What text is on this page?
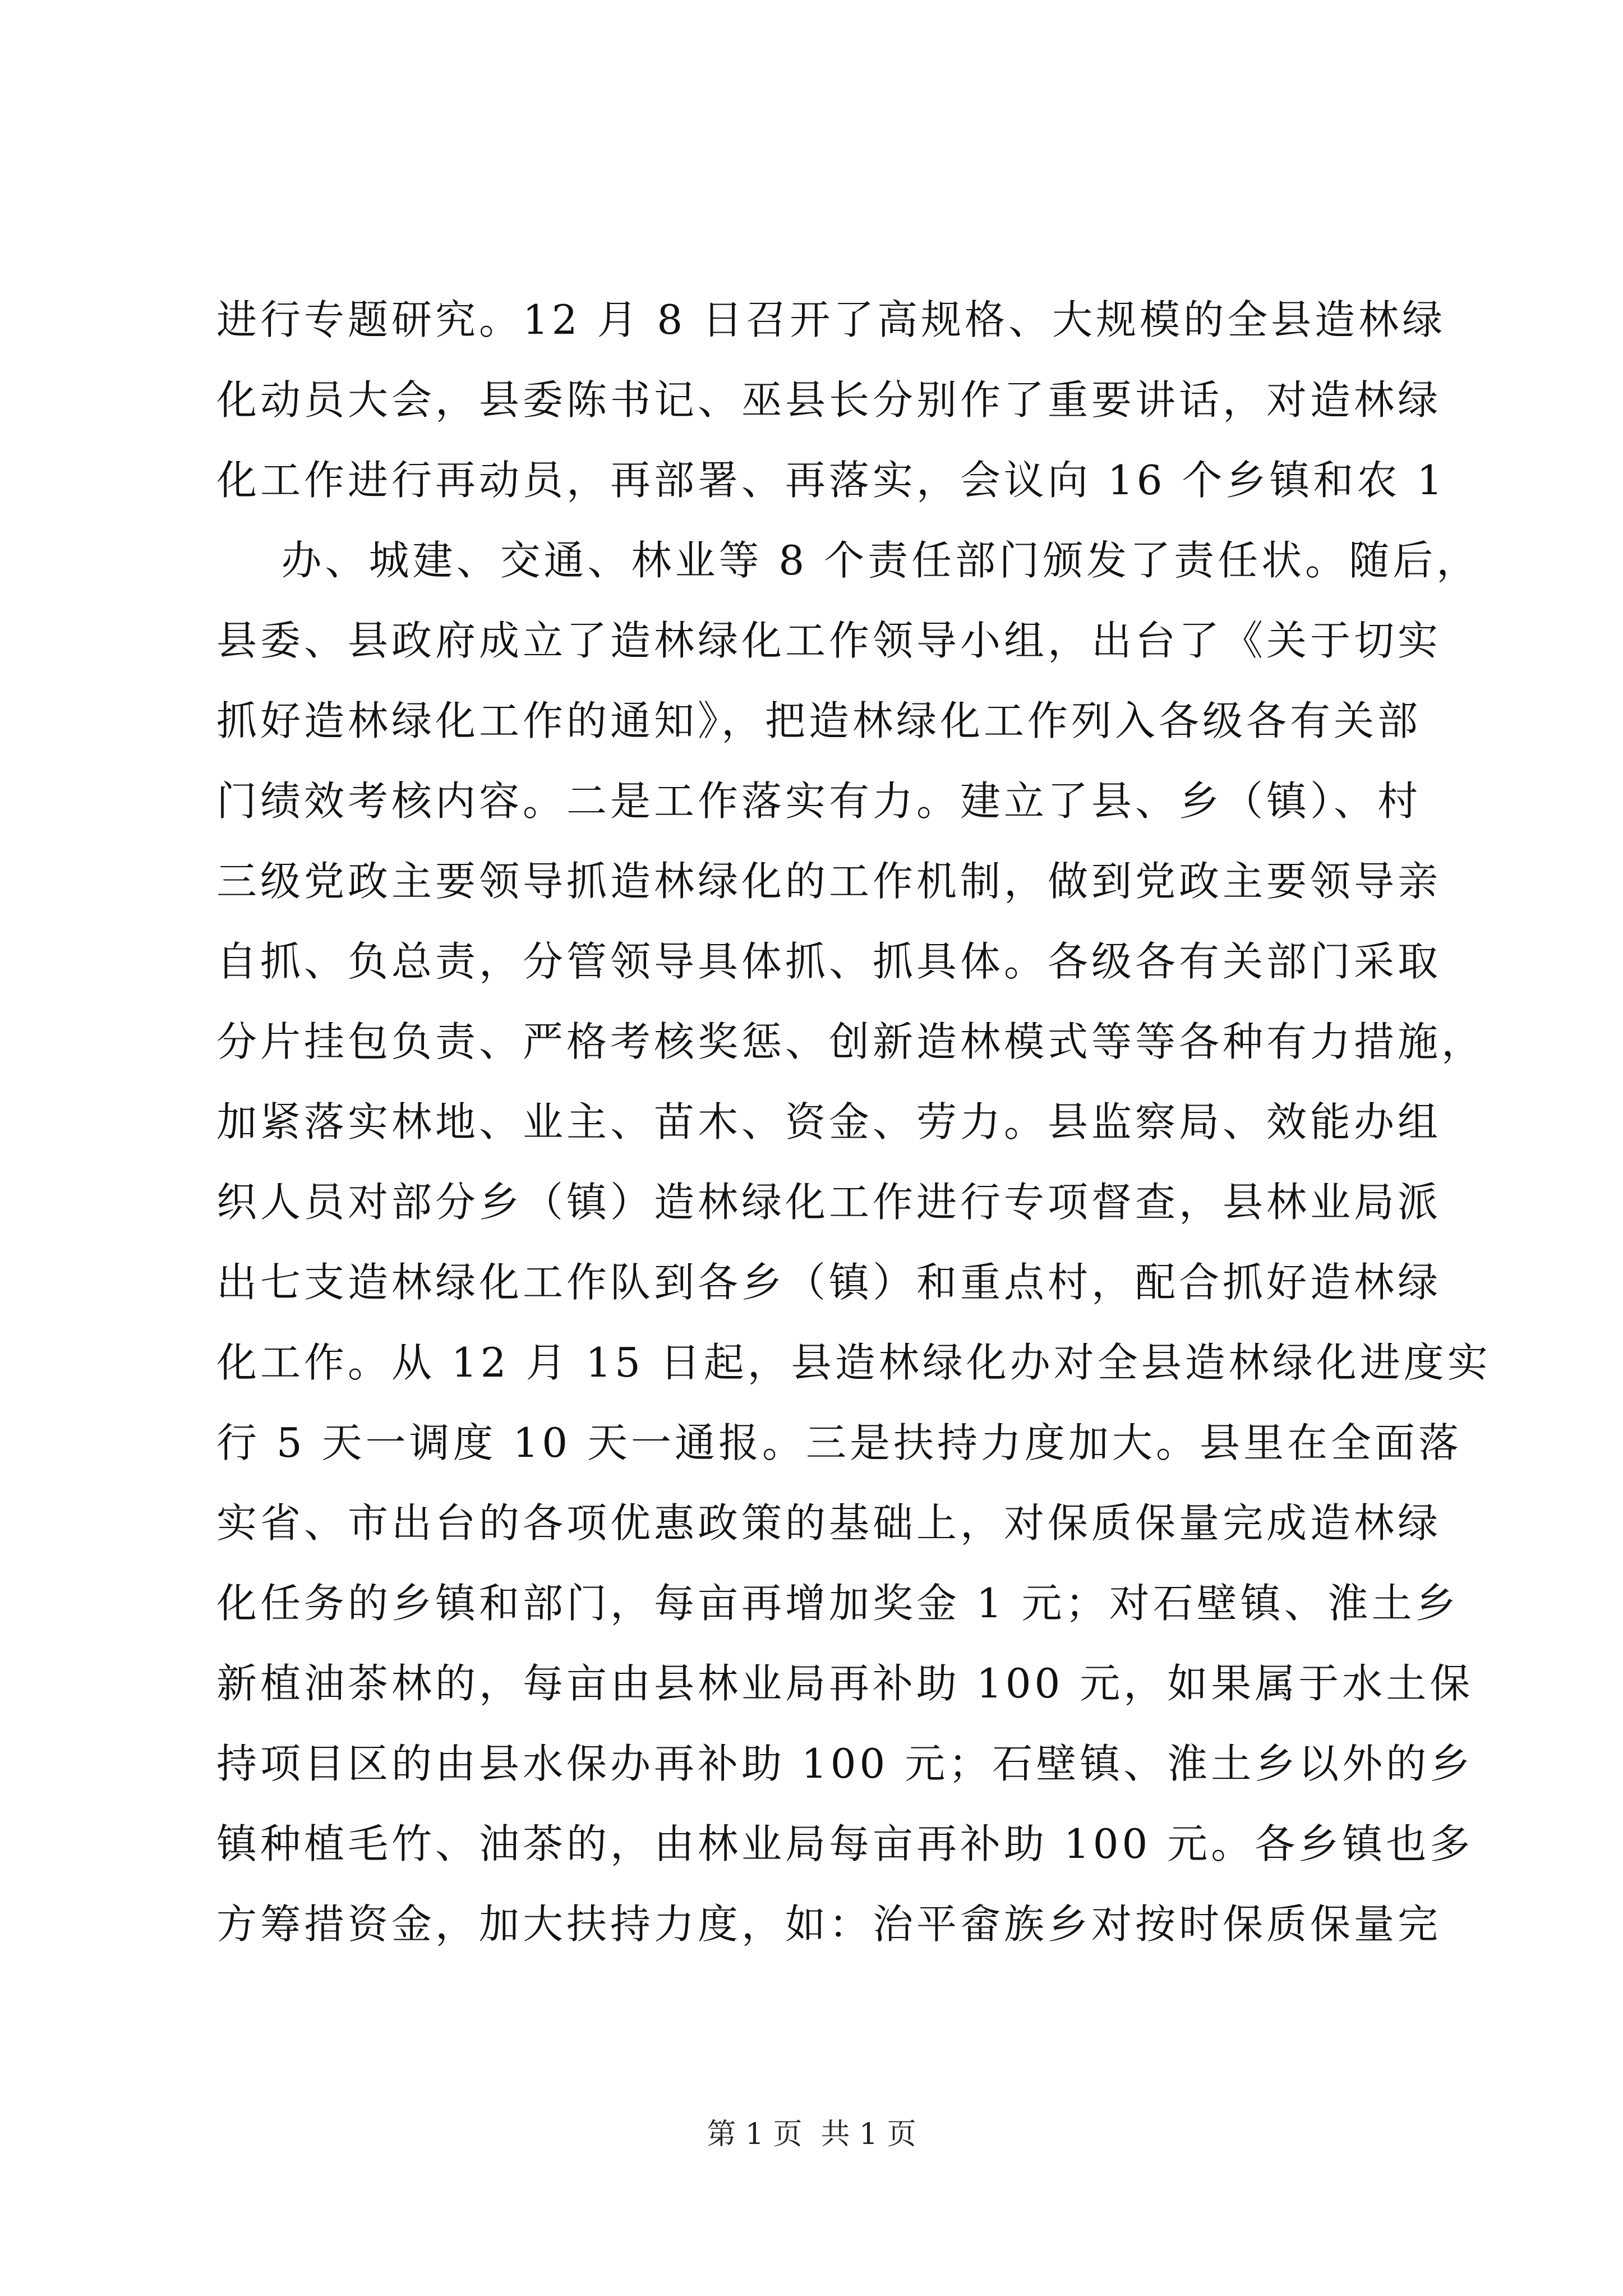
进行专题研究。12 月 8 日召开了高规格、大规模的全县造林绿
化动员大会，县委陈书记、巫县长分别作了重要讲话，对造林绿
化工作进行再动员，再部署、再落实，会议向 16 个乡镇和农 1
办、城建、交通、林业等 8 个责任部门颁发了责任状。随后，
县委、县政府成立了造林绿化工作领导小组，出台了《关于切实
抓好造林绿化工作的通知》，把造林绿化工作列入各级各有关部
门绩效考核内容。二是工作落实有力。建立了县、乡（镇）、村
三级党政主要领导抓造林绿化的工作机制，做到党政主要领导亲
自抓、负总责，分管领导具体抓、抓具体。各级各有关部门采取
分片挂包负责、严格考核奖惩、创新造林模式等等各种有力措施，
加紧落实林地、业主、苗木、资金、劳力。县监察局、效能办组
织人员对部分乡（镇）造林绿化工作进行专项督查，县林业局派
出七支造林绿化工作队到各乡（镇）和重点村，配合抓好造林绿
化工作。从 12 月 15 日起，县造林绿化办对全县造林绿化进度实
行 5 天一调度 10 天一通报。三是扶持力度加大。县里在全面落
实省、市出台的各项优惠政策的基础上，对保质保量完成造林绿
化任务的乡镇和部门，每亩再增加奖金 1 元；对石壁镇、淮土乡
新植油茶林的，每亩由县林业局再补助 100 元，如果属于水土保
持项目区的由县水保办再补助 100 元；石壁镇、淮土乡以外的乡
镇种植毛竹、油茶的，由林业局每亩再补助 100 元。各乡镇也多
方筹措资金，加大扶持力度，如：治平畲族乡对按时保质保量完
第 1 页  共 1 页
